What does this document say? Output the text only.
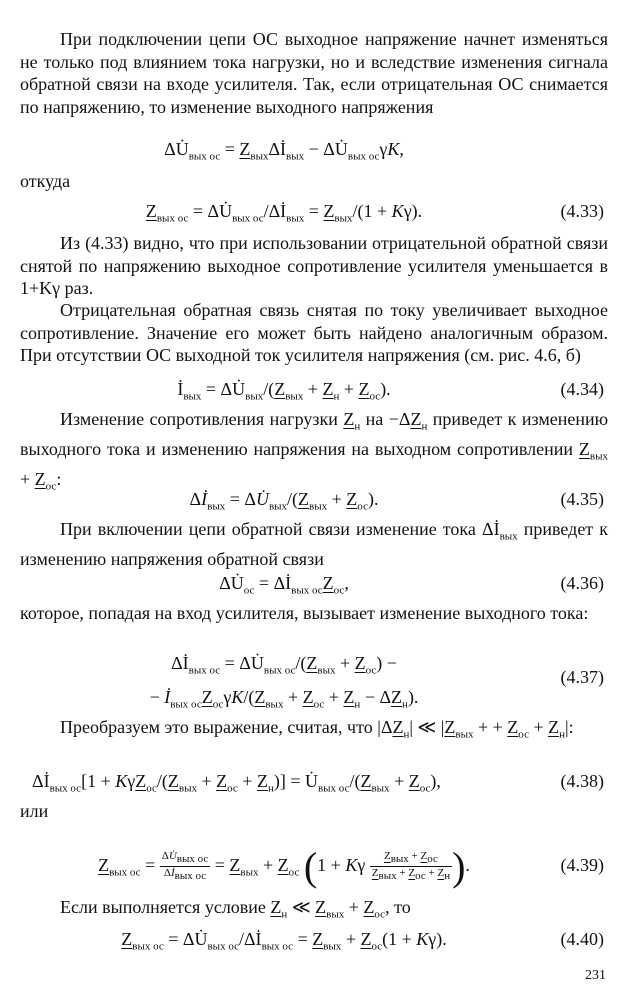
При подключении цепи ОС выходное напряжение начнет изменяться не только под влиянием тока нагрузки, но и вследствие изменения сигнала обратной связи на входе усилителя. Так, если отрицательная ОС снимается по напряжению, то изменение выходного напряжения

$\Delta U̇_{вых ос}$ = $Z_{вых}\Delta İ_{вых}$ − $\Delta U̇_{вых ос}\gamma K$,

откуда

$Z_{вых ос}$ = $\Delta U̇_{вых ос}/\Delta İ_{вых} = Z_{вых}/(1 + K\gamma)$.	(4.33)

Из (4.33) видно, что при использовании отрицательной обратной связи снятой по напряжению выходное сопротивление усилителя уменьшается в 1+Kγ раз.

Отрицательная обратная связь снятая по току увеличивает выходное сопротивление. Значение его может быть найдено аналогичным образом. При отсутствии ОС выходной ток усилителя напряжения (см. рис. 4.6, б)

$İ_{вых}$ = $\Delta U̇_{вых}/(Z_{вых} + Z_н + Z_{ос})$.	(4.34)

Изменение сопротивления нагрузки $Z_н$ на $-\Delta Z_н$ приведет к изменению выходного тока и изменению напряжения на выходном сопротивлении $Z_{вых} + Z_{ос}$:

$\Delta İ_{вых}$ = $\Delta U̇_{вых}/(Z_{вых} + Z_{ос})$.	(4.35)

При включении цепи обратной связи изменение тока $\Delta İ_{вых}$ приведет к изменению напряжения обратной связи

$\Delta U̇_{ос}$ = $\Delta İ_{вых ос}Z_{ос}$,	(4.36)

которое, попадая на вход усилителя, вызывает изменение выходного тока:

$\Delta İ_{вых ос}$ = $\Delta U̇_{вых ос}/(Z_{вых} + Z_{ос})$ −
− $İ_{вых ос}Z_{ос}\gamma K/(Z_{вых} + Z_{ос} + Z_н - \Delta Z_н)$.
(4.37)

Преобразуем это выражение, считая, что $|\Delta Z_н|$ ≪ $|Z_{вых}$ + + $Z_{ос} + Z_н|$:

$\Delta İ_{вых ос}[1 + K\gamma Z_{ос}/(Z_{вых} + Z_{ос} + Z_н)]$ = $U̇_{вых ос}/(Z_{вых} + Z_{ос})$,	(4.38)

или

$Z_{вых ос} = \frac{\Delta U̇_{вых ос}}{\Delta İ_{вых ос}} = Z_{вых} + Z_{ос}$ (1 + Kγ $\frac{Z_{вых} + Z_{ос}}{Z_{вых} + Z_{ос} + Z_н}$ ).	(4.39)

Если выполняется условие $Z_н$ ≪ $Z_{вых} + Z_{ос}$, то

$Z_{вых ос}$ = $\Delta U̇_{вых ос}/\Delta İ_{вых ос} = Z_{вых} + Z_{ос}(1 + K\gamma)$.	(4.40)
231
